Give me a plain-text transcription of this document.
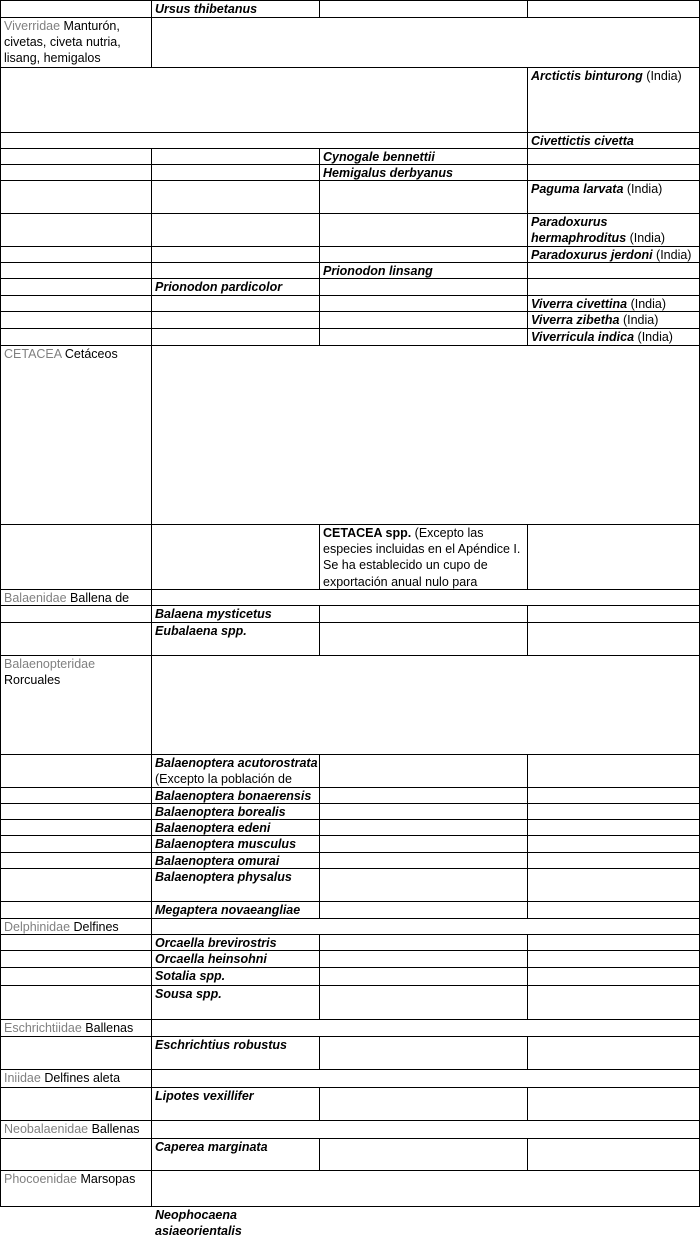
Ursus thibetanus
Viverridae Manturón, civetas, civeta nutria, lisang, hemigalos
Arctictis binturong (India)
Civettictis civetta
Cynogale bennettii
Hemigalus derbyanus
Paguma larvata (India)
Paradoxurus hermaphroditus (India)
Paradoxurus jerdoni (India)
Prionodon linsang
Prionodon pardicolor
Viverra civettina (India)
Viverra zibetha (India)
Viverricula indica (India)
CETACEA Cetáceos
CETACEA spp. (Excepto las especies incluidas en el Apéndice I. Se ha establecido un cupo de exportación anual nulo para
Balaenidae Ballena de
Balaena mysticetus
Eubalaena spp.
Balaenopteridae Rorcuales
Balaenoptera acutorostrata (Excepto la población de
Balaenoptera bonaerensis
Balaenoptera borealis
Balaenoptera edeni
Balaenoptera musculus
Balaenoptera omurai
Balaenoptera physalus
Megaptera novaeangliae
Delphinidae Delfines
Orcaella brevirostris
Orcaella heinsohni
Sotalia spp.
Sousa spp.
Eschrichtiidae Ballenas
Eschrichtius robustus
Iniidae Delfines aleta
Lipotes vexillifer
Neobalaenidae Ballenas
Caperea marginata
Phocoenidae Marsopas
Neophocaena asiaeorientalis
